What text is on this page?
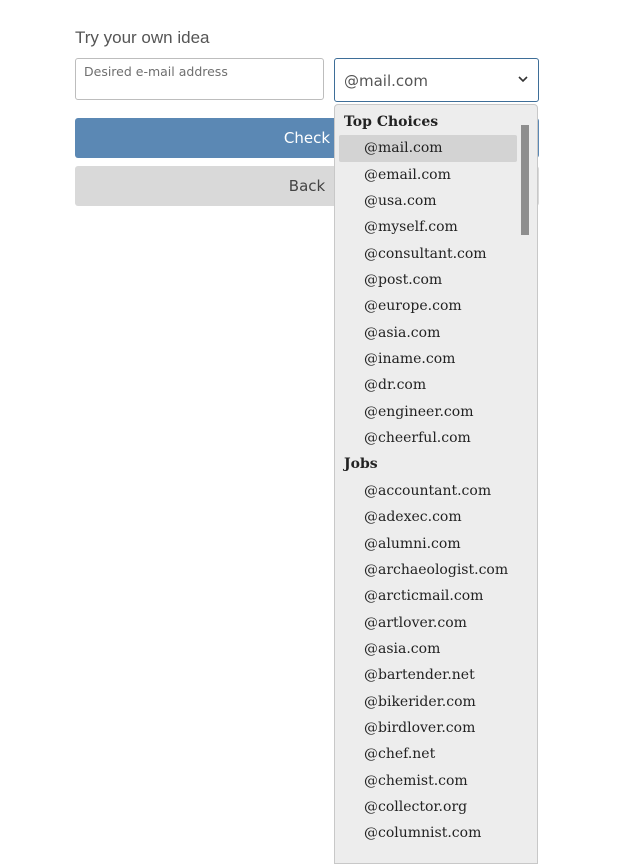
Try your own idea
Desired e-mail address
@mail.com
Check
Back
Top Choices
@mail.com
@email.com
@usa.com
@myself.com
@consultant.com
@post.com
@europe.com
@asia.com
@iname.com
@dr.com
@engineer.com
@cheerful.com
Jobs
@accountant.com
@adexec.com
@alumni.com
@archaeologist.com
@arcticmail.com
@artlover.com
@asia.com
@bartender.net
@bikerider.com
@birdlover.com
@chef.net
@chemist.com
@collector.org
@columnist.com
